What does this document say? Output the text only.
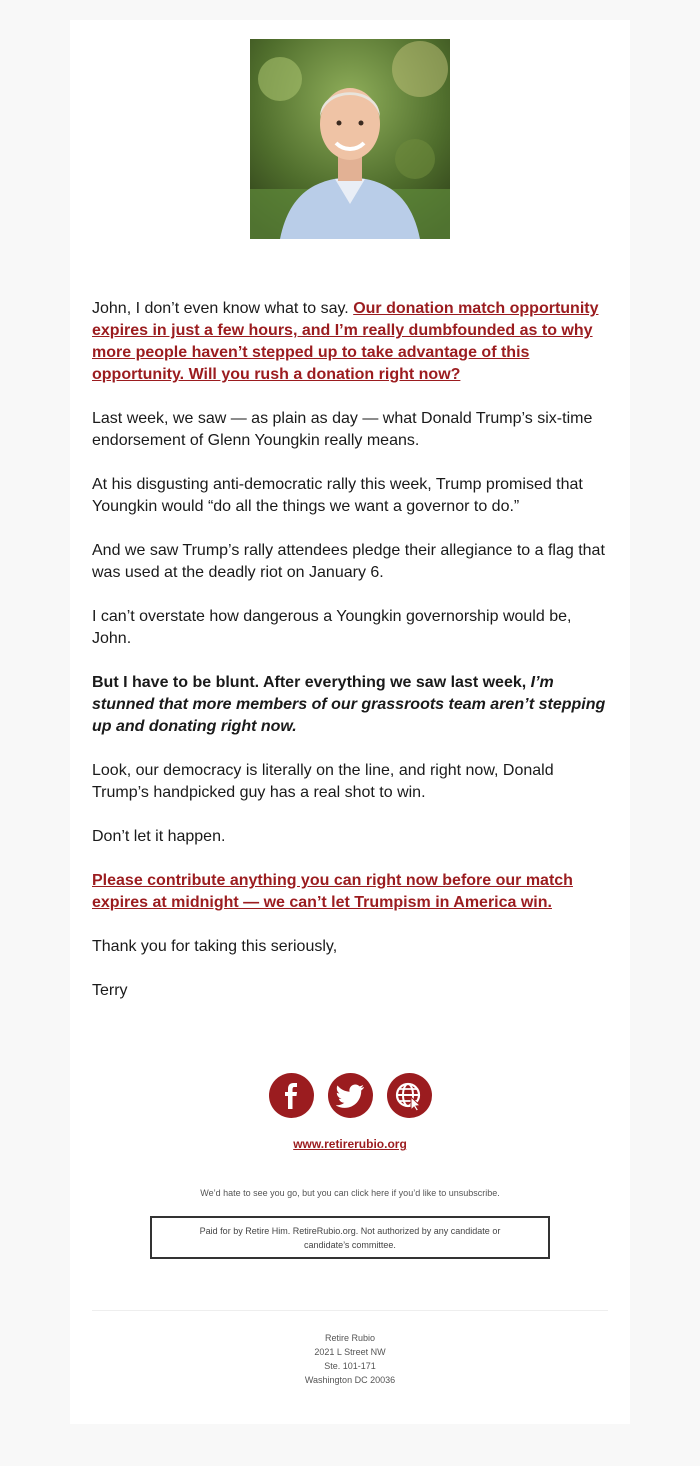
John, I don’t even know what to say. Our donation match opportunity expires in just a few hours, and I’m really dumbfounded as to why more people haven’t stepped up to take advantage of this opportunity. Will you rush a donation right now?

Last week, we saw — as plain as day — what Donald Trump’s six-time endorsement of Glenn Youngkin really means.

At his disgusting anti-democratic rally this week, Trump promised that Youngkin would “do all the things we want a governor to do.”

And we saw Trump’s rally attendees pledge their allegiance to a flag that was used at the deadly riot on January 6.

I can’t overstate how dangerous a Youngkin governorship would be, John.

But I have to be blunt. After everything we saw last week, I’m stunned that more members of our grassroots team aren’t stepping up and donating right now.

Look, our democracy is literally on the line, and right now, Donald Trump’s handpicked guy has a real shot to win.

Don’t let it happen.

Please contribute anything you can right now before our match expires at midnight — we can’t let Trumpism in America win.

Thank you for taking this seriously,

Terry

www.retirerubio.org
We’d hate to see you go, but you can click here if you’d like to unsubscribe.
Paid for by Retire Him. RetireRubio.org. Not authorized by any candidate or candidate’s committee.
Retire Rubio
2021 L Street NW
Ste. 101-171
Washington DC 20036
